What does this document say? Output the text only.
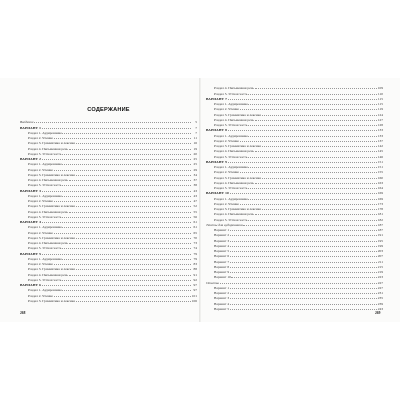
СОДЕРЖАНИЕ
Введение	5
ВАРИАНТ 1	7
Раздел 1. Аудирование	7
Раздел 2. Чтение	11
Раздел 3. Грамматика и лексика	16
Раздел 4. Письменная речь	19
Раздел 5. Устная часть	20
ВАРИАНТ 2	25
Раздел 1. Аудирование	25
Раздел 2. Чтение	29
Раздел 3. Грамматика и лексика	34
Раздел 4. Письменная речь	37
Раздел 5. Устная часть	38
ВАРИАНТ 3	43
Раздел 1. Аудирование	43
Раздел 2. Чтение	47
Раздел 3. Грамматика и лексика	52
Раздел 4. Письменная речь	55
Раздел 5. Устная часть	56
ВАРИАНТ 4	61
Раздел 1. Аудирование	61
Раздел 2. Чтение	65
Раздел 3. Грамматика и лексика	70
Раздел 4. Письменная речь	73
Раздел 5. Устная часть	74
ВАРИАНТ 5	79
Раздел 1. Аудирование	79
Раздел 2. Чтение	83
Раздел 3. Грамматика и лексика	88
Раздел 4. Письменная речь	91
Раздел 5. Устная часть	92
ВАРИАНТ 6	97
Раздел 1. Аудирование	97
Раздел 2. Чтение	101
Раздел 3. Грамматика и лексика	106
Раздел 4. Письменная речь	109
Раздел 5. Устная часть	110
ВАРИАНТ 7	115
Раздел 1. Аудирование	115
Раздел 2. Чтение	119
Раздел 3. Грамматика и лексика	124
Раздел 4. Письменная речь	127
Раздел 5. Устная часть	128
ВАРИАНТ 8	133
Раздел 1. Аудирование	133
Раздел 2. Чтение	137
Раздел 3. Грамматика и лексика	142
Раздел 4. Письменная речь	145
Раздел 5. Устная часть	146
ВАРИАНТ 9	151
Раздел 1. Аудирование	151
Раздел 2. Чтение	155
Раздел 3. Грамматика и лексика	160
Раздел 4. Письменная речь	163
Раздел 5. Устная часть	164
ВАРИАНТ 10	169
Раздел 1. Аудирование	169
Раздел 2. Чтение	173
Раздел 3. Грамматика и лексика	178
Раздел 4. Письменная речь	181
Раздел 5. Устная часть	182
Тексты для аудирования	187
Вариант 1	187
Вариант 2	191
Вариант 3	195
Вариант 4	199
Вариант 5	203
Вариант 6	207
Вариант 7	211
Вариант 8	215
Вариант 9	219
Вариант 10	223
Ответы	227
Вариант 1	227
Вариант 2	231
Вариант 3	235
Вариант 4	239
Вариант 5	243
268	269
